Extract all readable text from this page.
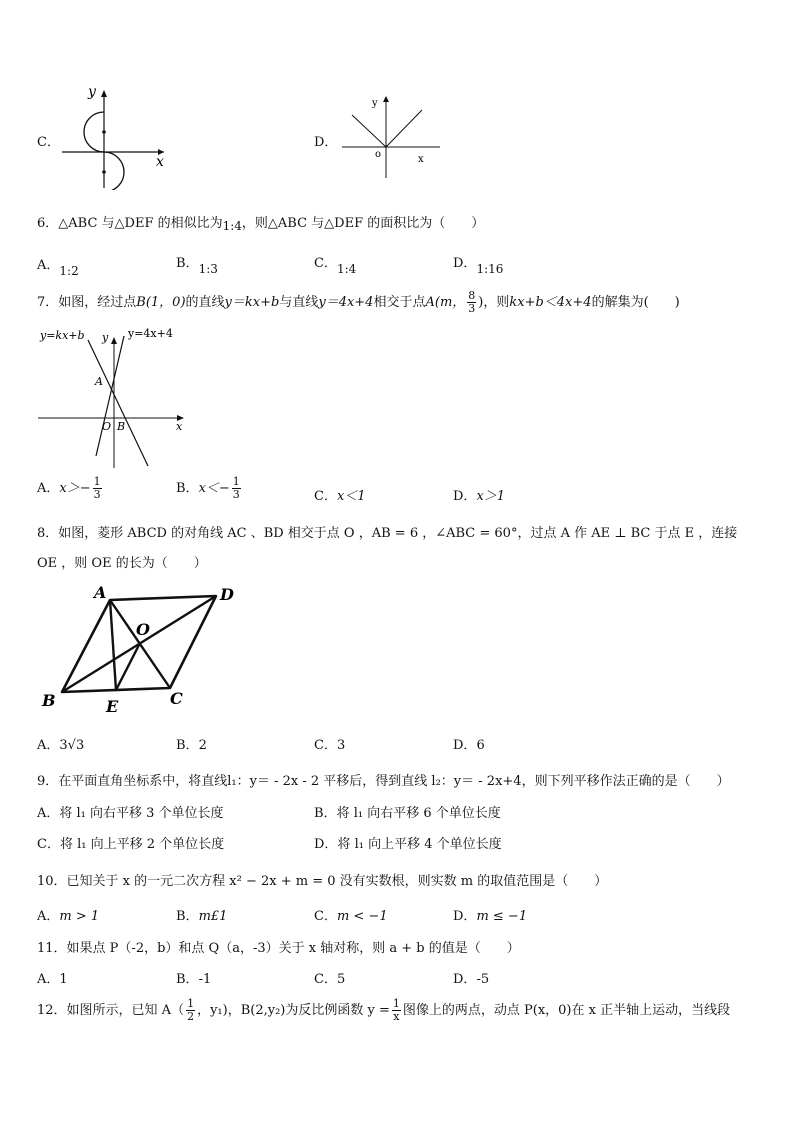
C．
y
x
D．
y
o	x
6．△ABC 与△DEF 的相似比为1:4，则△ABC 与△DEF 的面积比为（　　）
A．1:2	B．1:3	C．1:4	D．1:16
7．如图，经过点B(1，0)的直线y＝kx+b与直线y＝4x+4相交于点A(m， $\frac{8}{3}$ )，则kx+b＜4x+4的解集为(　　)
y=kx+b y y=4x+4
A
O B	x
A．$x>- \frac{1}{3}$	B．$x<- \frac{1}{3}$	C．x＜1	D．x＞1
8．如图，菱形 ABCD 的对角线 AC 、BD 相交于点 O ，AB = 6 ，∠ABC = 60°，过点 A 作 AE ⊥ BC 于点 E ，连接
OE ，则 OE 的长为（　　）
A	D
O
B	C
E
A．3√3	B．2	C．3	D．6
9．在平面直角坐标系中，将直线l₁：y＝ - 2x - 2 平移后，得到直线 l₂：y＝ - 2x+4，则下列平移作法正确的是（　　）
A．将 l₁ 向右平移 3 个单位长度	B．将 l₁ 向右平移 6 个单位长度
C．将 l₁ 向上平移 2 个单位长度	D．将 l₁ 向上平移 4 个单位长度
10．已知关于 x 的一元二次方程 x² − 2x + m = 0 没有实数根，则实数 m 的取值范围是（　　）
A．m > 1	B．m£1	C．m < −1	D．m ≤ −1
11．如果点 P（-2，b）和点 Q（a，-3）关于 x 轴对称，则 a + b 的值是（　　）
A．1	B．-1	C．5	D．-5
12．如图所示，已知 $A( \frac{1}{2}$ ，y₁)，B(2,y₂)为反比例函数 $y = \frac{1}{x}$ 图像上的两点，动点 P(x，0)在 x 正半轴上运动，当线段
